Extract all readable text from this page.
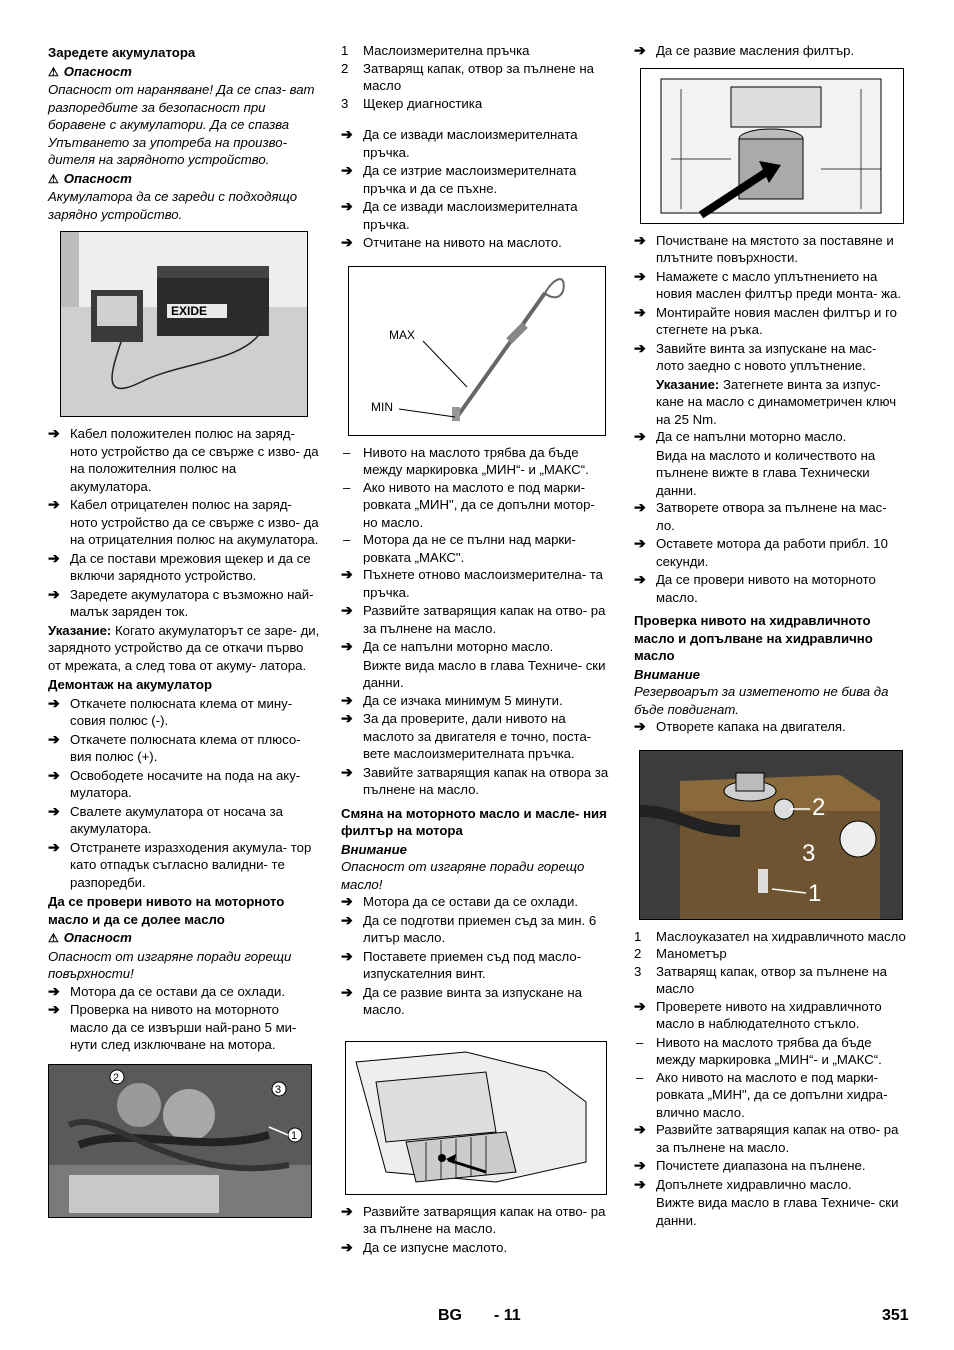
Заредете акумулатора
⚠ Опасност

Опасност от нараняване! Да се спаз- ват разпоредбите за безопасност при боравене с акумулатори. Да се спазва Упътването за употреба на произво- дителя на зарядното устройство.

⚠ Опасност

Акумулатора да се зареди с подходящо зарядно устройство.

EXIDE
➔ Кабел положителен полюс на заряд- ното устройство да се свърже с изво- да на положителния полюс на акумулатора.
➔ Кабел отрицателен полюс на заряд- ното устройство да се свърже с изво- да на отрицателния полюс на акумулатора.
➔ Да се постави мрежовия щекер и да се включи зарядното устройство.
➔ Заредете акумулатора с възможно най-малък заряден ток.

Указание: Когато акумулаторът се заре- ди, зарядното устройство да се откачи първо от мрежата, а след това от акуму- латора.

Демонтаж на акумулатор
➔ Откачете полюсната клема от мину- совия полюс (-).
➔ Откачете полюсната клема от плюсо- вия полюс (+).
➔ Освободете носачите на пода на аку- мулатора.
➔ Свалете акумулатора от носача за акумулатора.
➔ Отстранете изразходения акумула- тор като отпадък съгласно валидни- те разпоредби.
Да се провери нивото на моторното масло и да се долее масло
⚠ Опасност

Опасност от изгаряне поради горещи повърхности!

➔ Мотора да се остави да се охлади.
➔ Проверка на нивото на моторното масло да се извърши най-рано 5 ми- нути след изключване на мотора.
2
3
1
1 Маслоизмерителна пръчка
2 Затварящ капак, отвор за пълнене на масло
3 Щекер диагностика
➔ Да се извади маслоизмерителната пръчка.
➔ Да се изтрие маслоизмерителната пръчка и да се пъхне.
➔ Да се извади маслоизмерителната пръчка.
➔ Отчитане на нивото на маслото.
MAX
MIN
– Нивото на маслото трябва да бъде между маркировка „МИН“- и „МАКС“.
– Ако нивото на маслото е под марки- ровката „МИН", да се допълни мотор- но масло.
– Мотора да не се пълни над марки- ровката „МАКС".
➔ Пъхнете отново маслоизмерителна- та пръчка.
➔ Развийте затварящия капак на отво- ра за пълнене на масло.
➔ Да се напълни моторно масло.

Вижте вида масло в глава Техниче- ски данни.

➔ Да се изчака минимум 5 минути.
➔ За да проверите, дали нивото на маслото за двигателя е точно, поста- вете маслоизмерителната пръчка.
➔ Завийте затварящия капак на отвора за пълнене на масло.
Смяна на моторното масло и масле- ния филтър на мотора
Внимание

Опасност от изгаряне поради горещо масло!

➔ Мотора да се остави да се охлади.
➔ Да се подготви приемен съд за мин. 6 литър масло.
➔ Поставете приемен съд под масло- изпускателния винт.
➔ Да се развие винта за изпускане на масло.
➔ Развийте затварящия капак на отво- ра за пълнене на масло.
➔ Да се изпусне маслото.
➔ Да се развие масления филтър.
➔ Почистване на мястото за поставяне и плътните повърхности.
➔ Намажете с масло уплътнението на новия маслен филтър преди монта- жа.
➔ Монтирайте новия маслен филтър и го стегнете на ръка.
➔ Завийте винта за изпускане на мас- лото заедно с новото уплътнение.

Указание: Затегнете винта за изпус- кане на масло с динамометричен ключ на 25 Nm.

➔ Да се напълни моторно масло.

Вида на маслото и количеството на пълнене вижте в глава Технически данни.

➔ Затворете отвора за пълнене на мас- ло.
➔ Оставете мотора да работи прибл. 10 секунди.
➔ Да се провери нивото на моторното масло.
Проверка нивото на хидравличното масло и допълване на хидравлично масло
Внимание

Резервоарът за изметеното не бива да бъде повдигнат.

➔ Отворете капака на двигателя.
2
3
1
1 Маслоуказател на хидравличното масло
2 Манометър
3 Затварящ капак, отвор за пълнене на масло
➔ Проверете нивото на хидравличното масло в наблюдателното стъкло.
– Нивото на маслото трябва да бъде между маркировка „МИН“- и „МАКС“.
– Ако нивото на маслото е под марки- ровката „МИН", да се допълни хидра- влично масло.
➔ Развийте затварящия капак на отво- ра за пълнене на масло.
➔ Почистете диапазона на пълнене.
➔ Допълнете хидравлично масло.

Вижте вида масло в глава Техниче- ски данни.

BG - 11	351
